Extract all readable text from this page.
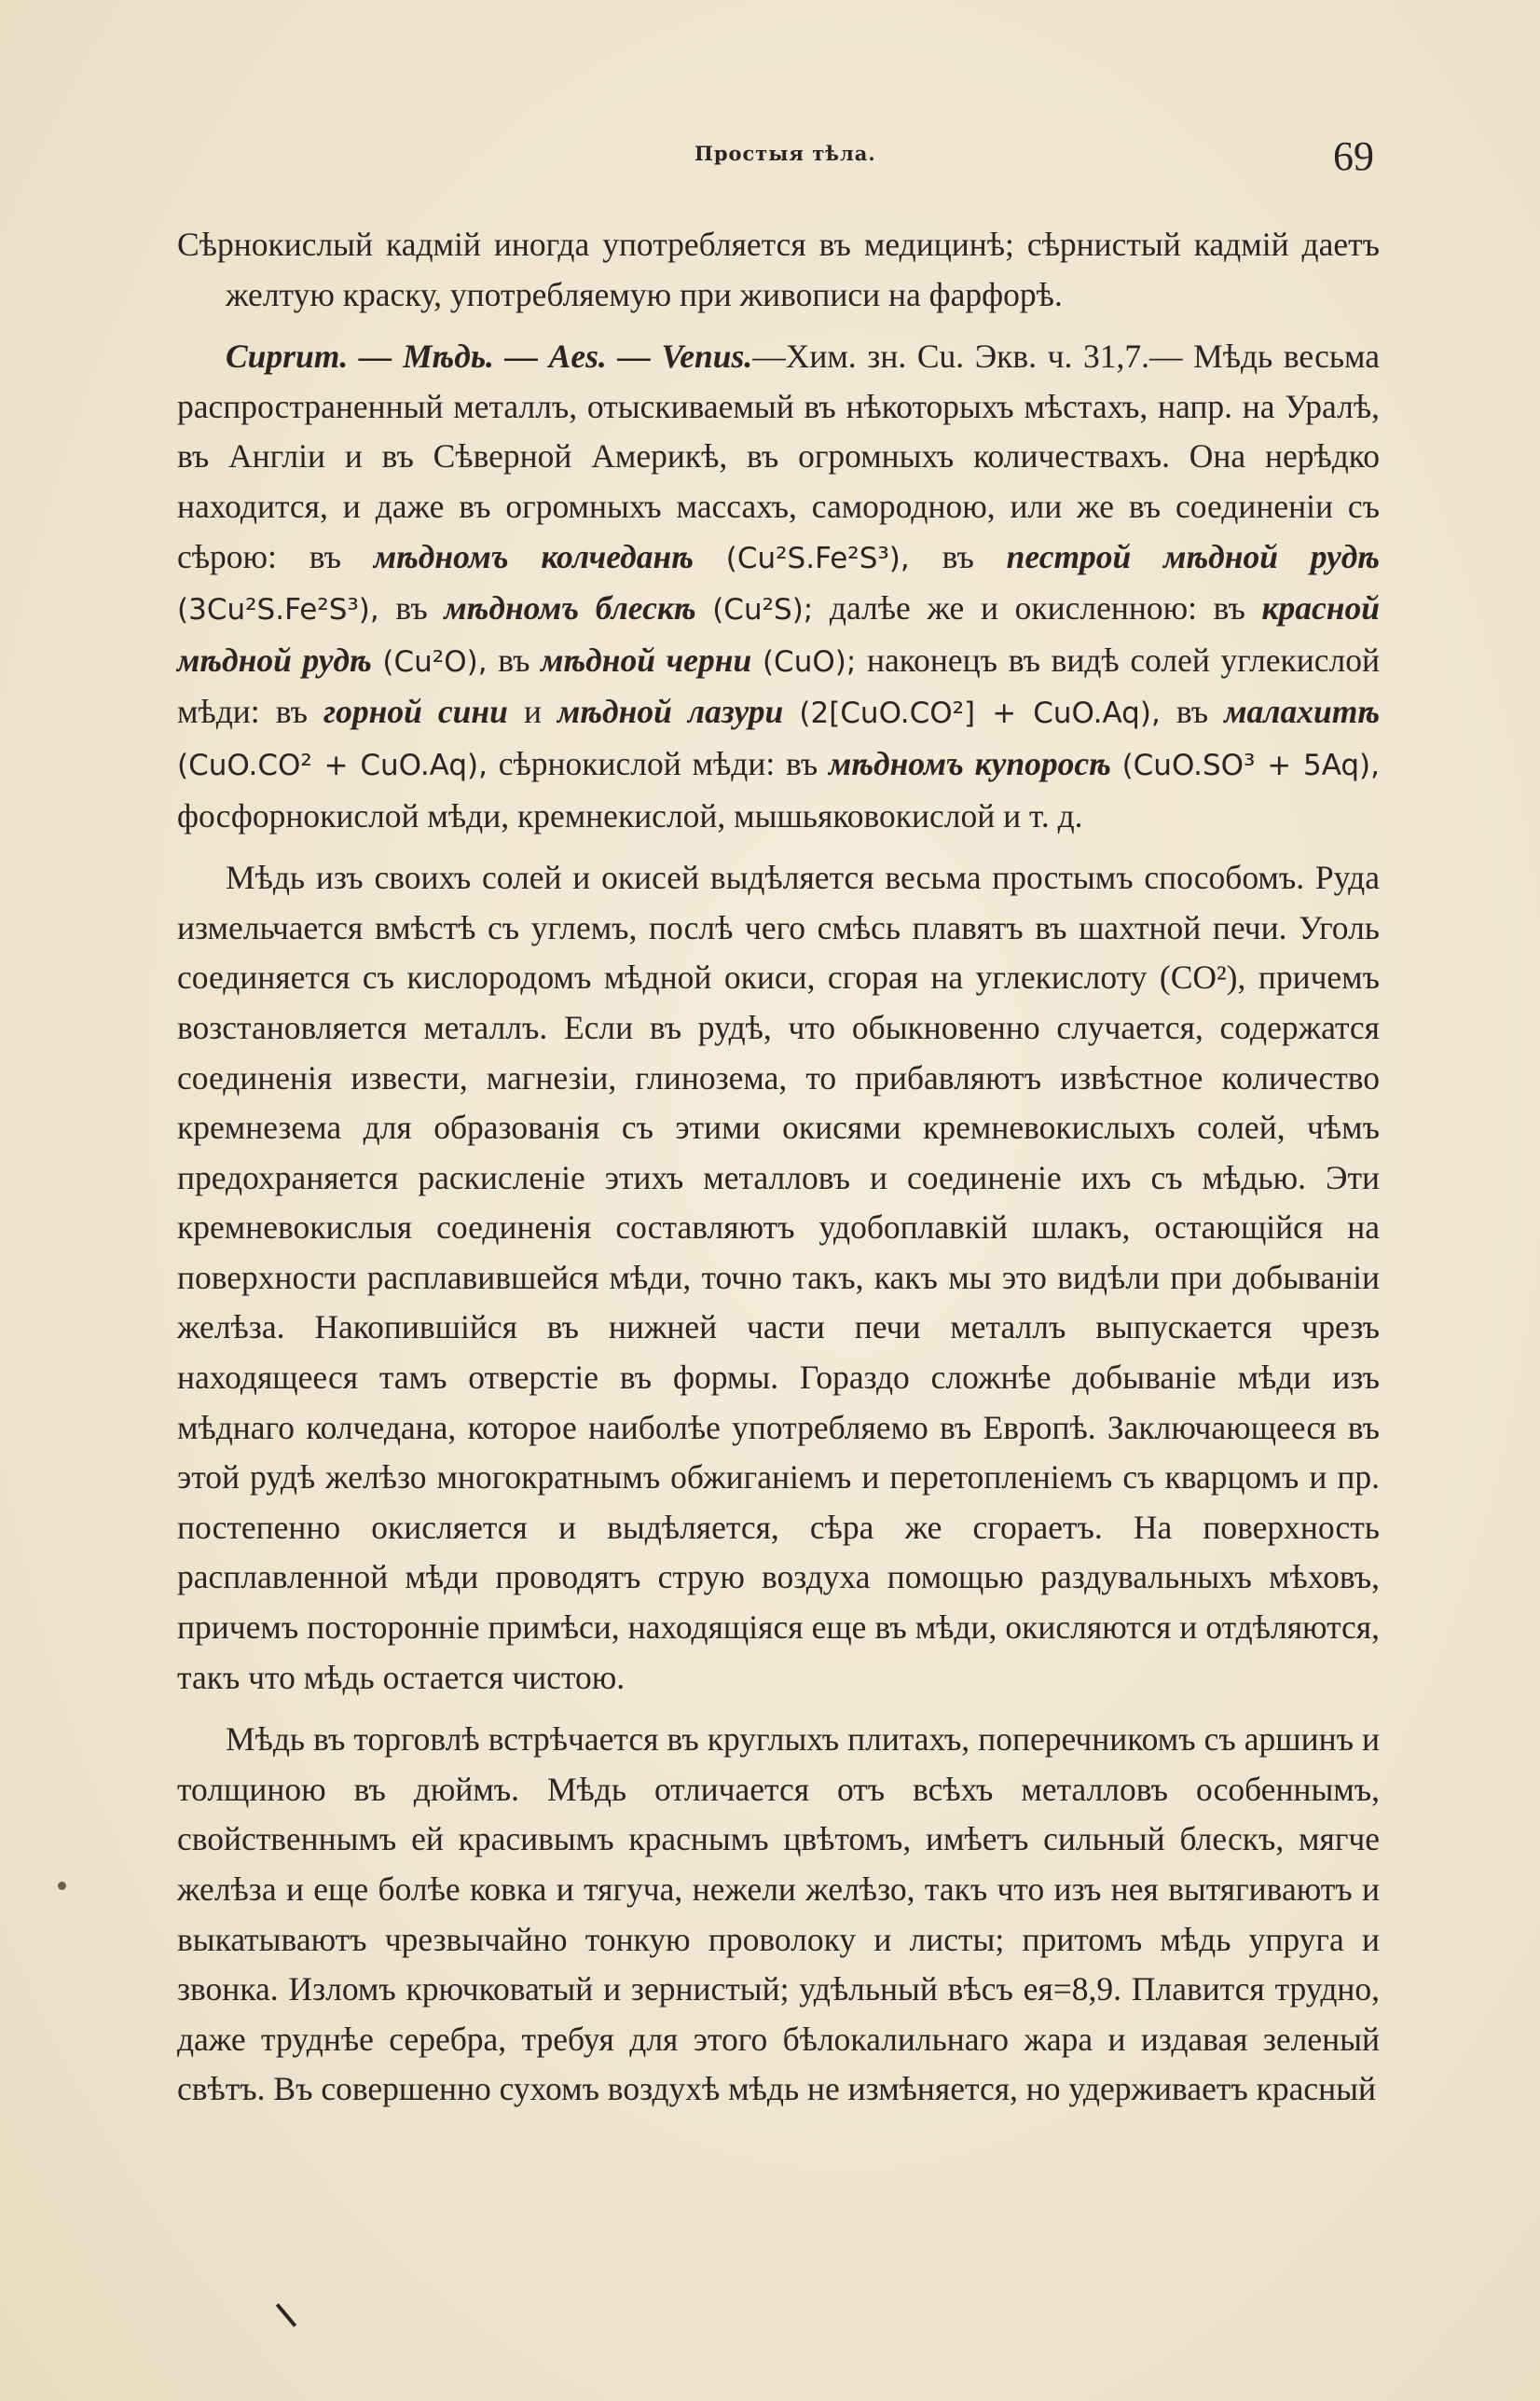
Простыя тѣла.	69

Сѣрнокислый кадмій иногда употребляется въ медицинѣ; сѣрнистый кадмій даетъ желтую краску, употребляемую при живописи на фарфорѣ.

Cuprum. — Мѣдь. — Aes. — Venus.—Хим. зн. Cu. Экв. ч. 31,7.— Мѣдь весьма распространенный металлъ, отыскиваемый въ нѣкоторыхъ мѣстахъ, напр. на Уралѣ, въ Англіи и въ Сѣверной Америкѣ, въ огромныхъ количествахъ. Она нерѣдко находится, и даже въ огромныхъ массахъ, самородною, или же въ соединеніи съ сѣрою: въ мѣдномъ колчеданѣ (Cu²S.Fe²S³), въ пестрой мѣдной рудѣ (3Cu²S.Fe²S³), въ мѣдномъ блескѣ (Cu²S); далѣе же и окисленною: въ красной мѣдной рудѣ (Cu²O), въ мѣдной черни (CuO); наконецъ въ видѣ солей углекислой мѣди: въ горной сини и мѣдной лазури (2[CuO.CO²] + CuO.Aq), въ малахитѣ (CuO.CO² + CuO.Aq), сѣрнокислой мѣди: въ мѣдномъ купоросѣ (CuO.SO³ + 5Aq), фосфорнокислой мѣди, кремнекислой, мышьяковокислой и т. д.

Мѣдь изъ своихъ солей и окисей выдѣляется весьма простымъ способомъ. Руда измельчается вмѣстѣ съ углемъ, послѣ чего смѣсь плавятъ въ шахтной печи. Уголь соединяется съ кислородомъ мѣдной окиси, сгорая на углекислоту (CO²), причемъ возстановляется металлъ. Если въ рудѣ, что обыкновенно случается, содержатся соединенія извести, магнезіи, глинозема, то прибавляютъ извѣстное количество кремнезема для образованія съ этими окисями кремневокислыхъ солей, чѣмъ предохраняется раскисленіе этихъ металловъ и соединеніе ихъ съ мѣдью. Эти кремневокислыя соединенія составляютъ удобоплавкій шлакъ, остающійся на поверхности расплавившейся мѣди, точно такъ, какъ мы это видѣли при добываніи желѣза. Накопившійся въ нижней части печи металлъ выпускается чрезъ находящееся тамъ отверстіе въ формы. Гораздо сложнѣе добываніе мѣди изъ мѣднаго колчедана, которое наиболѣе употребляемо въ Европѣ. Заключающееся въ этой рудѣ желѣзо многократнымъ обжиганіемъ и перетопленіемъ съ кварцомъ и пр. постепенно окисляется и выдѣляется, сѣра же сгораетъ. На поверхность расплавленной мѣди проводятъ струю воздуха помощью раздувальныхъ мѣховъ, причемъ посторонніе примѣси, находящіяся еще въ мѣди, окисляются и отдѣляются, такъ что мѣдь остается чистою.

Мѣдь въ торговлѣ встрѣчается въ круглыхъ плитахъ, поперечникомъ съ аршинъ и толщиною въ дюймъ. Мѣдь отличается отъ всѣхъ металловъ особеннымъ, свойственнымъ ей красивымъ краснымъ цвѣтомъ, имѣетъ сильный блескъ, мягче желѣза и еще болѣе ковка и тягуча, нежели желѣзо, такъ что изъ нея вытягиваютъ и выкатываютъ чрезвычайно тонкую проволоку и листы; притомъ мѣдь упруга и звонка. Изломъ крючковатый и зернистый; удѣльный вѣсъ ея=8,9. Плавится трудно, даже труднѣе серебра, требуя для этого бѣлокалильнаго жара и издавая зеленый свѣтъ. Въ совершенно сухомъ воздухѣ мѣдь не измѣняется, но удерживаетъ красный
